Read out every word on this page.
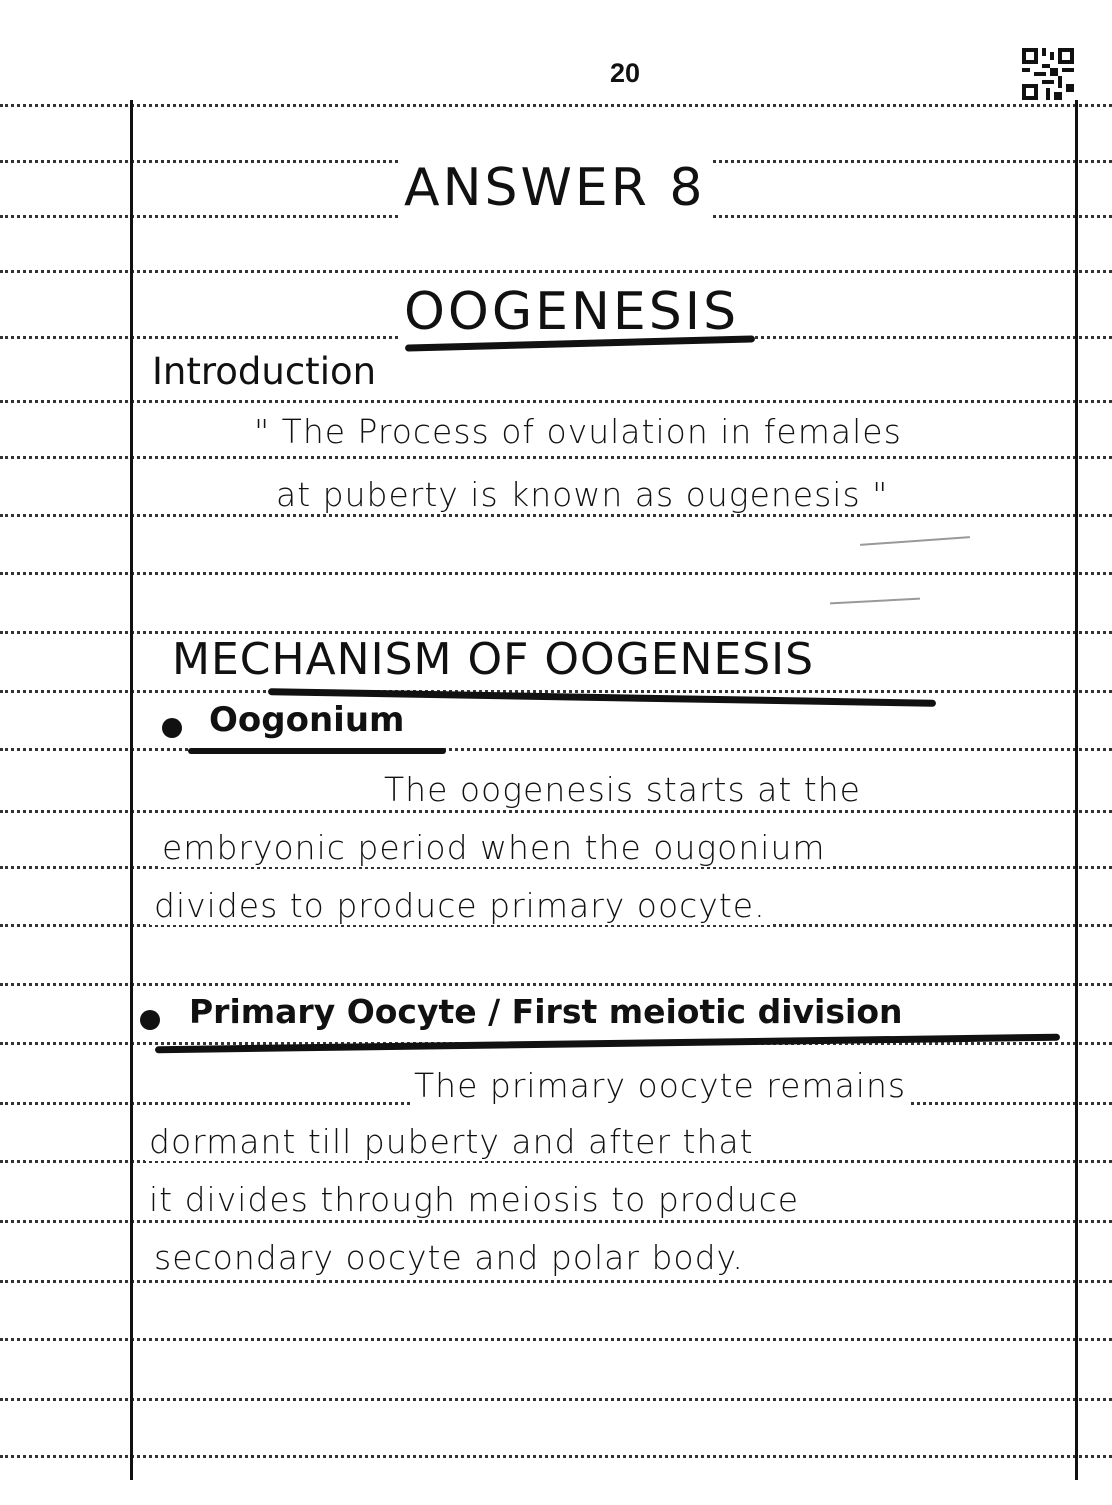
20
ANSWER 8
OOGENESIS
Introduction
" The Process of ovulation in females
at puberty is known as ougenesis "
MECHANISM OF OOGENESIS
Oogonium
The oogenesis starts at the
embryonic period when the ougonium
divides to produce primary oocyte.
Primary Oocyte / First meiotic division
The primary oocyte remains
dormant till puberty and after that
it divides through meiosis to produce
secondary oocyte and polar body.
